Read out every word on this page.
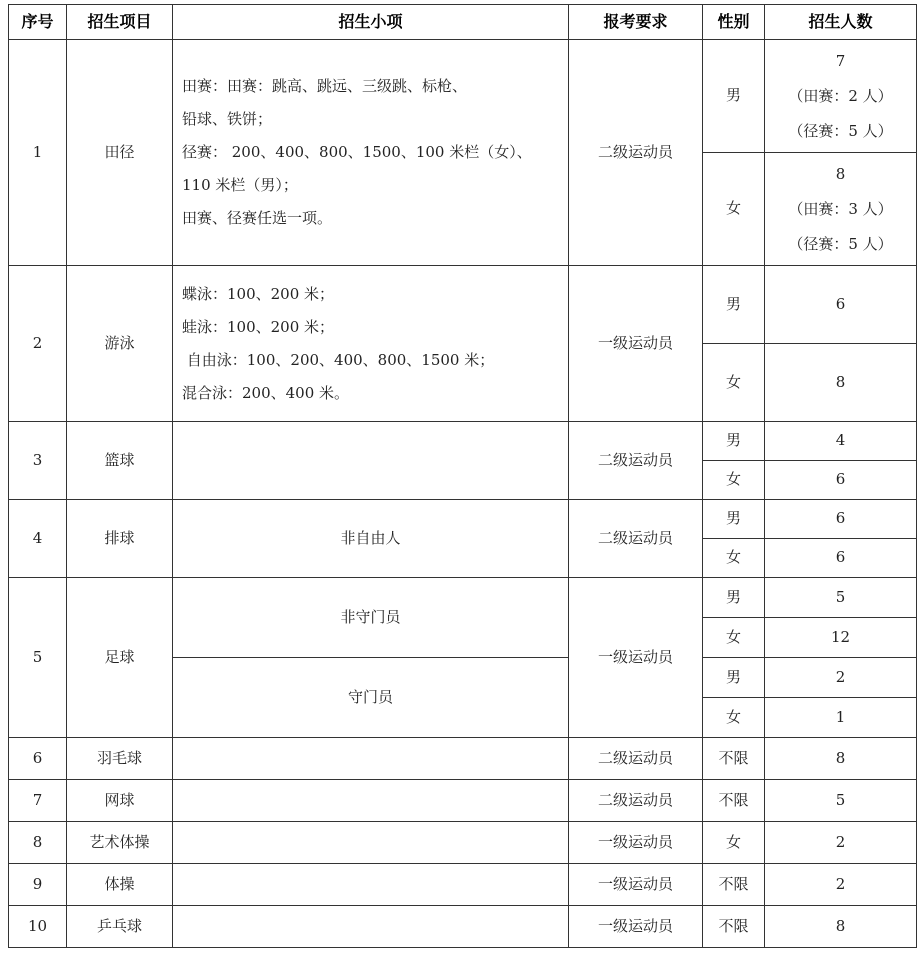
序号	招生项目	招生小项	报考要求	性别	招生人数
1	田径	田赛：田赛：跳高、跳远、三级跳、标枪、
铅球、铁饼；
径赛： 200、400、800、1500、100 米栏（女）、
110 米栏（男）；
田赛、径赛任选一项。	二级运动员	男	7
（田赛：2 人）
（径赛：5 人）

				女	8
（田赛：3 人）
（径赛：5 人）

2	游泳	蝶泳：100、200 米；
蛙泳：100、200 米；
自由泳：100、200、400、800、1500 米；
混合泳：200、400 米。	一级运动员	男	6
				女	8
3	篮球		二级运动员	男	4
				女	6
4	排球	非自由人	二级运动员	男	6
				女	6
5	足球	非守门员	一级运动员	男	5
				女	12
		守门员		男	2
				女	1
6	羽毛球		二级运动员	不限	8
7	网球		二级运动员	不限	5
8	艺术体操		一级运动员	女	2
9	体操		一级运动员	不限	2
10	乒乓球		一级运动员	不限	8
